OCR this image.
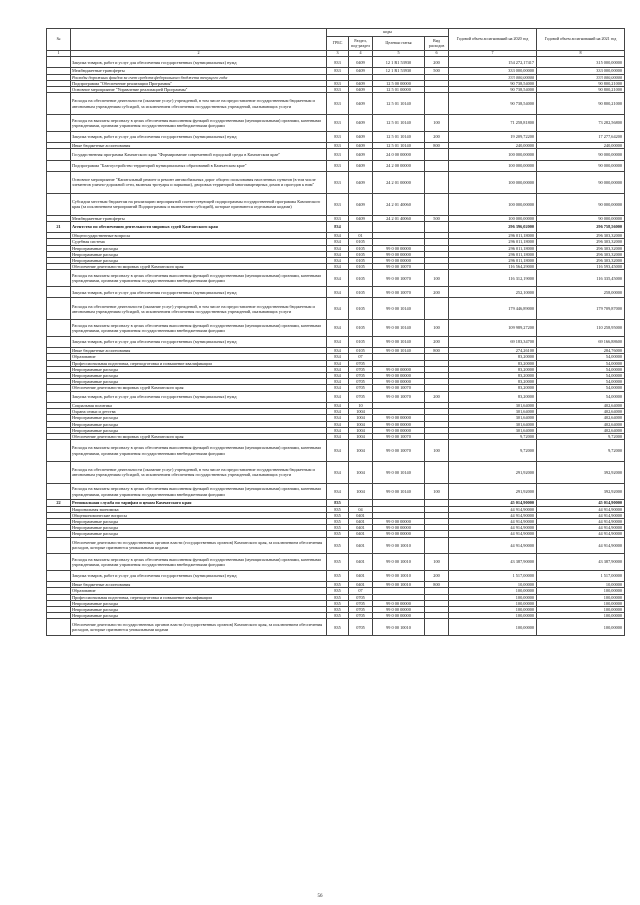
№		коды				Годовой объем ассигнований на 2020 год	Годовой объем ассигнований на 2021 год
		ГРБС	Раздел, под-раздел	Целевая статья	Вид расходов		
1	2	3	4	5	6	7	8
	Закупка товаров, работ и услуг для обеспечения государственных (муниципальных) нужд	833	0409	12 1 R1 53930	200	154 272,17417	315 000,00000
	Межбюджетные трансферты	833	0409	12 1 R1 53930	500	333 000,00000	333 000,00000
	Расходы дорожных фондов за счет средств федерального бюджета текущего года					333 000,00000	333 000,00000
	Подпрограмма "Обеспечение реализации Программы"	833	0409	12 5 00 00000		90 738,54000	90 800,21000
	Основное мероприятие "Управление реализацией Программы"	833	0409	12 5 01 00000		90 738,54000	90 800,21000
	Расходы на обеспечение деятельности (оказание услуг) учреждений, в том числе на предоставление государственным бюджетным и автономным учреждениям субсидий, за исключением обеспечения государственных учреждений, оказывающих услуги	833	0409	12 5 01 10140		90 738,54000	90 800,21000
	Расходы на выплаты персоналу в целях обеспечения выполнения функций государственными (муниципальными) органами, казенными учреждениями, органами управления государственными внебюджетными фондами	833	0409	12 5 01 10140	100	71 258,81800	73 282,56800
	Закупка товаров, работ и услуг для обеспечения государственных (муниципальных) нужд	833	0409	12 5 01 10140	200	19 209,72200	17 277,64200
	Иные бюджетные ассигнования	833	0409	12 5 01 10140	800	240,00000	240,00000
	Государственная программа Камчатского края "Формирование современной городской среды в Камчатском крае"	833	0409	24 0 00 00000		100 000,00000	90 000,00000
	Подпрограмма "Благоустройство территорий муниципальных образований в Камчатском крае"	833	0409	24 2 00 00000		100 000,00000	90 000,00000
	Основное мероприятие "Капитальный ремонт и ремонт автомобильных дорог общего пользования населенных пунктов (в том числе элементов улично-дорожной сети, включая тротуары и парковки), дворовых территорий многоквартирных домов и проездов к ним"	833	0409	24 2 01 00000		100 000,00000	90 000,00000
	Субсидии местным бюджетам на реализацию мероприятий соответствующей подпрограммы государственной программы Камчатского края (за исключением мероприятий Подпрограммы и включением субсидий), которые признаются отдельными кодами)	833	0409	24 2 01 40060		100 000,00000	90 000,00000
	Межбюджетные трансферты	833	0409	24 2 01 40060	500	100 000,00000	90 000,00000
21	Агентство по обеспечению деятельности мировых судей Камчатского края	834				296 396,02000	296 758,56000
	Общегосударственные вопросы	834	01			296 011,18000	296 303,32000
	Судебная система	834	0105			296 011,18000	296 303,32000
	Непрограммные расходы	834	0105	99 0 00 00000		296 011,18000	296 303,32000
	Непрограммные расходы	834	0105	99 0 00 00000		296 011,18000	296 303,32000
	Непрограммные расходы	834	0105	99 0 00 00000		296 011,18000	296 303,32000
	Обеспечение деятельности мировых судей Камчатского края	834	0105	99 0 00 10070		116 564,29000	116 593,45000
	Расходы на выплаты персоналу в целях обеспечения выполнения функций государственными (муниципальными) органами, казенными учреждениями, органами управления государственными внебюджетными фондами	834	0105	99 0 00 10070	100	116 312,19000	116 335,45000
	Закупка товаров, работ и услуг для обеспечения государственных (муниципальных) нужд	834	0105	99 0 00 10070	200	252,10000	258,00000
	Расходы на обеспечение деятельности (оказание услуг) учреждений, в том числе на предоставление государственным бюджетным и автономным учреждениям субсидий, за исключением обеспечения государственных учреждений, оказывающих услуги	834	0105	99 0 00 10140		179 446,89000	179 709,87000
	Расходы на выплаты персоналу в целях обеспечения выполнения функций государственными (муниципальными) органами, казенными учреждениями, органами управления государственными внебюджетными фондами	834	0105	99 0 00 10140	100	109 989,27200	110 258,95000
	Закупка товаров, работ и услуг для обеспечения государственных (муниципальных) нужд	834	0105	99 0 00 10140	200	69 183,34700	69 166,88600
	Иные бюджетные ассигнования	834	0105	99 0 00 10140	800	274,26100	284,76000
	Образование	834	07			83,20000	54,00000
	Профессиональная подготовка, переподготовка и повышение квалификации	834	0705			83,20000	54,00000
	Непрограммные расходы	834	0705	99 0 00 00000		83,20000	54,00000
	Непрограммные расходы	834	0705	99 0 00 00000		83,20000	54,00000
	Непрограммные расходы	834	0705	99 0 00 00000		83,20000	54,00000
	Обеспечение деятельности мировых судей Камчатского края	834	0705	99 0 00 10070		83,20000	54,00000
	Закупка товаров, работ и услуг для обеспечения государственных (муниципальных) нужд	834	0705	99 0 00 10070	200	83,20000	54,00000
	Социальная политика	834	10			301,64000	402,64000
	Охрана семьи и детства	834	1004			301,64000	402,64000
	Непрограммные расходы	834	1004	99 0 00 00000		301,64000	402,64000
	Непрограммные расходы	834	1004	99 0 00 00000		301,64000	402,64000
	Непрограммные расходы	834	1004	99 0 00 00000		301,64000	402,64000
	Обеспечение деятельности мировых судей Камчатского края	834	1004	99 0 00 10070		9,72000	9,72000
	Расходы на выплаты персоналу в целях обеспечения выполнения функций государственными (муниципальными) органами, казенными учреждениями, органами управления государственными внебюджетными фондами	834	1004	99 0 00 10070	100	9,72000	9,72000
	Расходы на обеспечение деятельности (оказание услуг) учреждений, в том числе на предоставление государственным бюджетным и автономным учреждениям субсидий, за исключением обеспечения государственных учреждений, оказывающих услуги	834	1004	99 0 00 10140		291,92000	392,92000
	Расходы на выплаты персоналу в целях обеспечения выполнения функций государственными (муниципальными) органами, казенными учреждениями, органами управления государственными внебюджетными фондами	834	1004	99 0 00 10140	100	291,92000	392,92000
22	Региональная служба по тарифам и ценам Камчатского края	835				45 014,90000	45 014,90000
	Национальная экономика	835	04			44 914,90000	44 914,90000
	Общеэкономические вопросы	835	0401			44 914,90000	44 914,90000
	Непрограммные расходы	835	0401	99 0 00 00000		44 914,90000	44 914,90000
	Непрограммные расходы	835	0401	99 0 00 00000		44 914,90000	44 914,90000
	Непрограммные расходы	835	0401	99 0 00 00000		44 914,90000	44 914,90000
	Обеспечение деятельности государственных органов власти (государственных органов) Камчатского края, за исключением обеспечения расходов, которые признаются уникальными кодами	835	0401	99 0 00 10010		44 914,90000	44 914,90000
	Расходы на выплаты персоналу в целях обеспечения выполнения функций государственными (муниципальными) органами, казенными учреждениями, органами управления государственными внебюджетными фондами	835	0401	99 0 00 10010	100	43 387,90000	43 387,90000
	Закупка товаров, работ и услуг для обеспечения государственных (муниципальных) нужд	835	0401	99 0 00 10010	200	1 517,00000	1 517,00000
	Иные бюджетные ассигнования	835	0401	99 0 00 10010	800	10,00000	10,00000
	Образование	835	07			100,00000	100,00000
	Профессиональная подготовка, переподготовка и повышение квалификации	835	0705			100,00000	100,00000
	Непрограммные расходы	835	0705	99 0 00 00000		100,00000	100,00000
	Непрограммные расходы	835	0705	99 0 00 00000		100,00000	100,00000
	Непрограммные расходы	835	0705	99 0 00 00000		100,00000	100,00000
	Обеспечение деятельности государственных органов власти (государственных органов) Камчатского края, за исключением обеспечения расходов, которые признаются уникальными кодами	835	0705	99 0 00 10010		100,00000	100,00000
56
